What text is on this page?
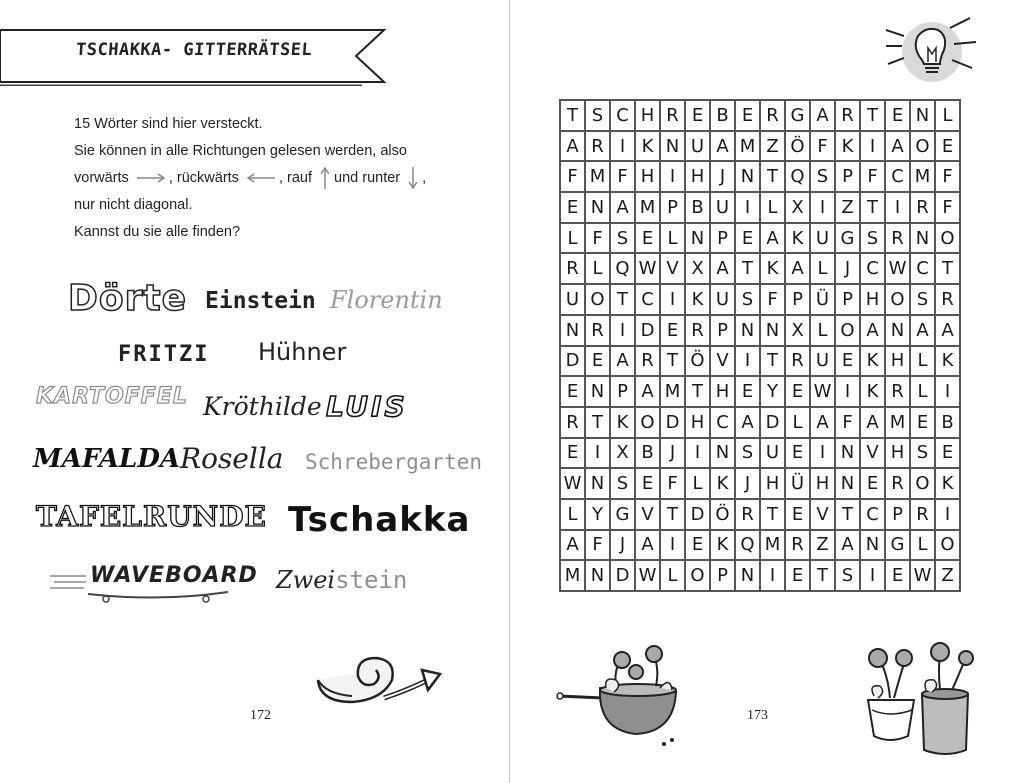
TSCHAKKA- GITTERRÄTSEL

15 Wörter sind hier versteckt.

Sie können in alle Richtungen gelesen werden, also

vorwärts	, rückwärts	, rauf und runter ,

nur nicht diagonal.

Kannst du sie alle finden?

Dörte Einstein Florentin
FRITZI Hühner
KARTOFFEL Kröthilde LUIS
MAFALDA Rosella Schrebergarten
TAFELRUNDE Tschakka
WAVEBOARD Zweistein
172
T S C H R E B E R G A R T E N L
A R I K N U A M Z Ö F K I A O E
F M F H I H J N T Q S P F C M F
E N A M P B U I L X I Z T I R F
L F S E L N P E A K U G S R N O
R L Q W V X A T K A L J C W C T
U O T C I K U S F P Ü P H O S R
N R I D E R P N N X L O A N A A
D E A R T Ö V I T R U E K H L K
E N P A M T H E Y E W I K R L I
R T K O D H C A D L A F A M E B
E I X B J	I N S U E I N V H S E
W N S E F L K J H Ü H N E R O K
L Y G V T D Ö R T E V T C P R I
A F J A I E K Q M R Z A N G L O
M N D W L O P N I E T S I E W Z
173
